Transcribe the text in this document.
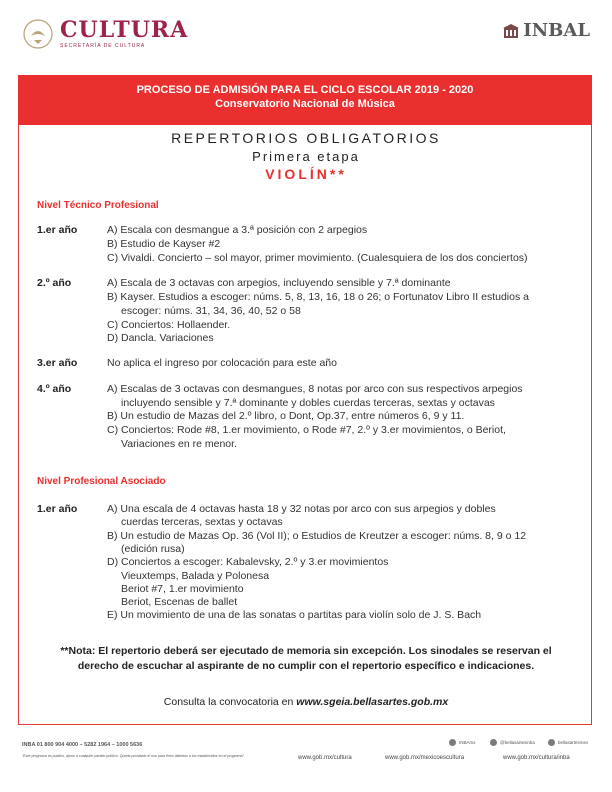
CULTURA
SECRETARÍA DE CULTURA
INBAL
PROCESO DE ADMISIÓN PARA EL CICLO ESCOLAR 2019 - 2020
Conservatorio Nacional de Música
REPERTORIOS OBLIGATORIOS
Primera etapa
VIOLÍN**
Nivel Técnico Profesional
1.er año	A) Escala con desmangue a 3.ª posición con 2 arpegios
B) Estudio de Kayser #2
C) Vivaldi. Concierto – sol mayor, primer movimiento. (Cualesquiera de los dos conciertos)
2.º año	A) Escala de 3 octavas con arpegios, incluyendo sensible y 7.ª dominante
B) Kayser. Estudios a escoger: núms. 5, 8, 13, 16, 18 o 26; o Fortunatov Libro II estudios a
escoger: núms. 31, 34, 36, 40, 52 o 58
C) Conciertos: Hollaender.
D) Dancla. Variaciones
3.er año	No aplica el ingreso por colocación para este año
4.º año	A) Escalas de 3 octavas con desmangues, 8 notas por arco con sus respectivos arpegios
incluyendo sensible y 7.ª dominante y dobles cuerdas terceras, sextas y octavas
B) Un estudio de Mazas del 2.º libro, o Dont, Op.37, entre números 6, 9 y 11.
C) Conciertos: Rode #8, 1.er movimiento, o Rode #7, 2.º y 3.er movimientos, o Beriot,
Variaciones en re menor.
Nivel Profesional Asociado
1.er año	A) Una escala de 4 octavas hasta 18 y 32 notas por arco con sus arpegios y dobles
cuerdas terceras, sextas y octavas
B) Un estudio de Mazas Op. 36 (Vol II); o Estudios de Kreutzer a escoger: núms. 8, 9 o 12
(edición rusa)
D) Conciertos a escoger: Kabalevsky, 2.º y 3.er movimientos
Vieuxtemps, Balada y Polonesa
Beriot #7, 1.er movimiento
Beriot, Escenas de ballet
E) Un movimiento de una de las sonatas o partitas para violín solo de J. S. Bach
**Nota: El repertorio deberá ser ejecutado de memoria sin excepción. Los sinodales se reservan el
derecho de escuchar al aspirante de no cumplir con el repertorio específico e indicaciones.
Consulta la convocatoria en www.sgeia.bellasartes.gob.mx
INBA 01 800 904 4000 – 5282 1964 – 1000 5636
"Este programa es público, ajeno a cualquier partido político. Queda prohibido el uso para fines distintos a los establecidos en el programa"
INBAmx	@bellasartesinba	bellasartesmex
www.gob.mx/cultura	www.gob.mx/mexicoescultura	www.gob.mx/cultura/inba
